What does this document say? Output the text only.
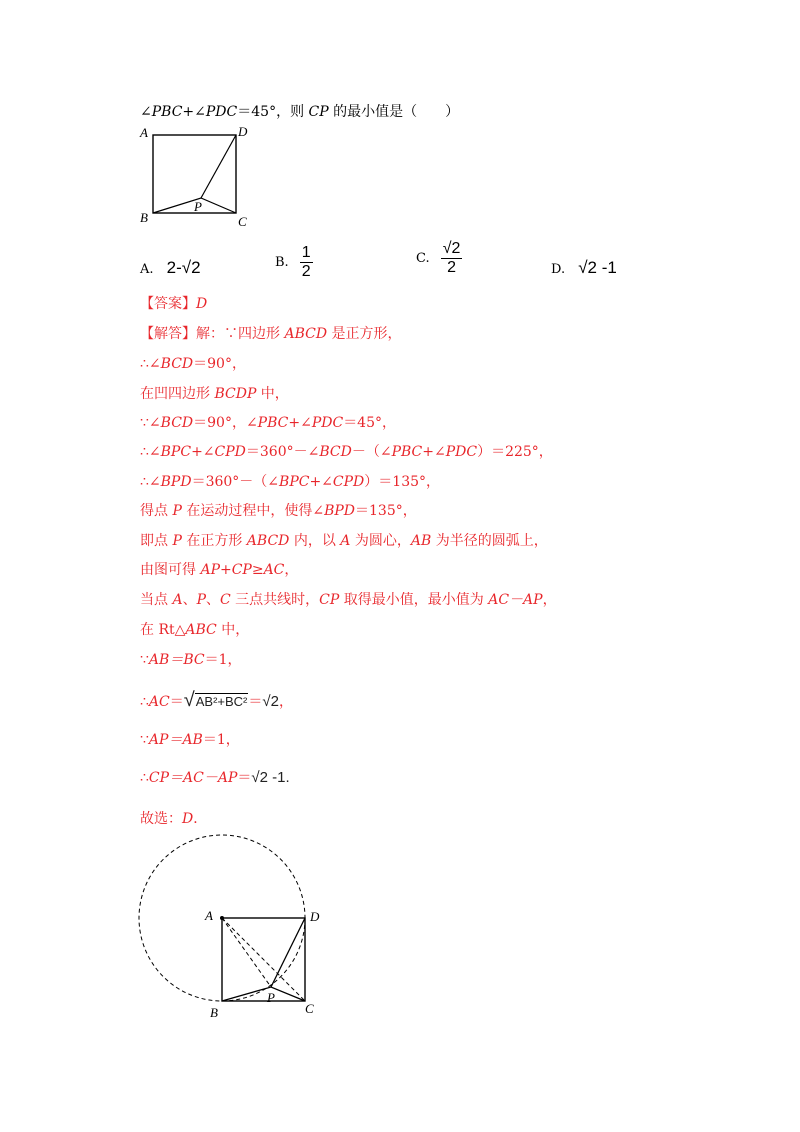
∠PBC+∠PDC＝45°，则 CP 的最小值是（　　）
A	D
B	C
P
A. 2-√2	B. $\frac{1}{2}$	C. $\frac{√2}{2}$	D. √2 -1
【答案】D
【解答】解：∵四边形 ABCD 是正方形，
∴∠BCD＝90°，
在凹四边形 BCDP 中，
∵∠BCD＝90°，∠PBC+∠PDC＝45°，
∴∠BPC+∠CPD＝360°－∠BCD－（∠PBC+∠PDC）＝225°，
∴∠BPD＝360°－（∠BPC+∠CPD）＝135°，
得点 P 在运动过程中，使得∠BPD＝135°，
即点 P 在正方形 ABCD 内，以 A 为圆心，AB 为半径的圆弧上，
由图可得 AP+CP≥AC，
当点 A、P、C 三点共线时，CP 取得最小值，最小值为 AC－AP，
在 Rt△ABC 中，
∵AB＝BC＝1，
∴AC＝√AB²+BC²＝√2，
∵AP＝AB＝1，
∴CP＝AC－AP＝√2 -1.
故选：D．
A	D
B	C
P
